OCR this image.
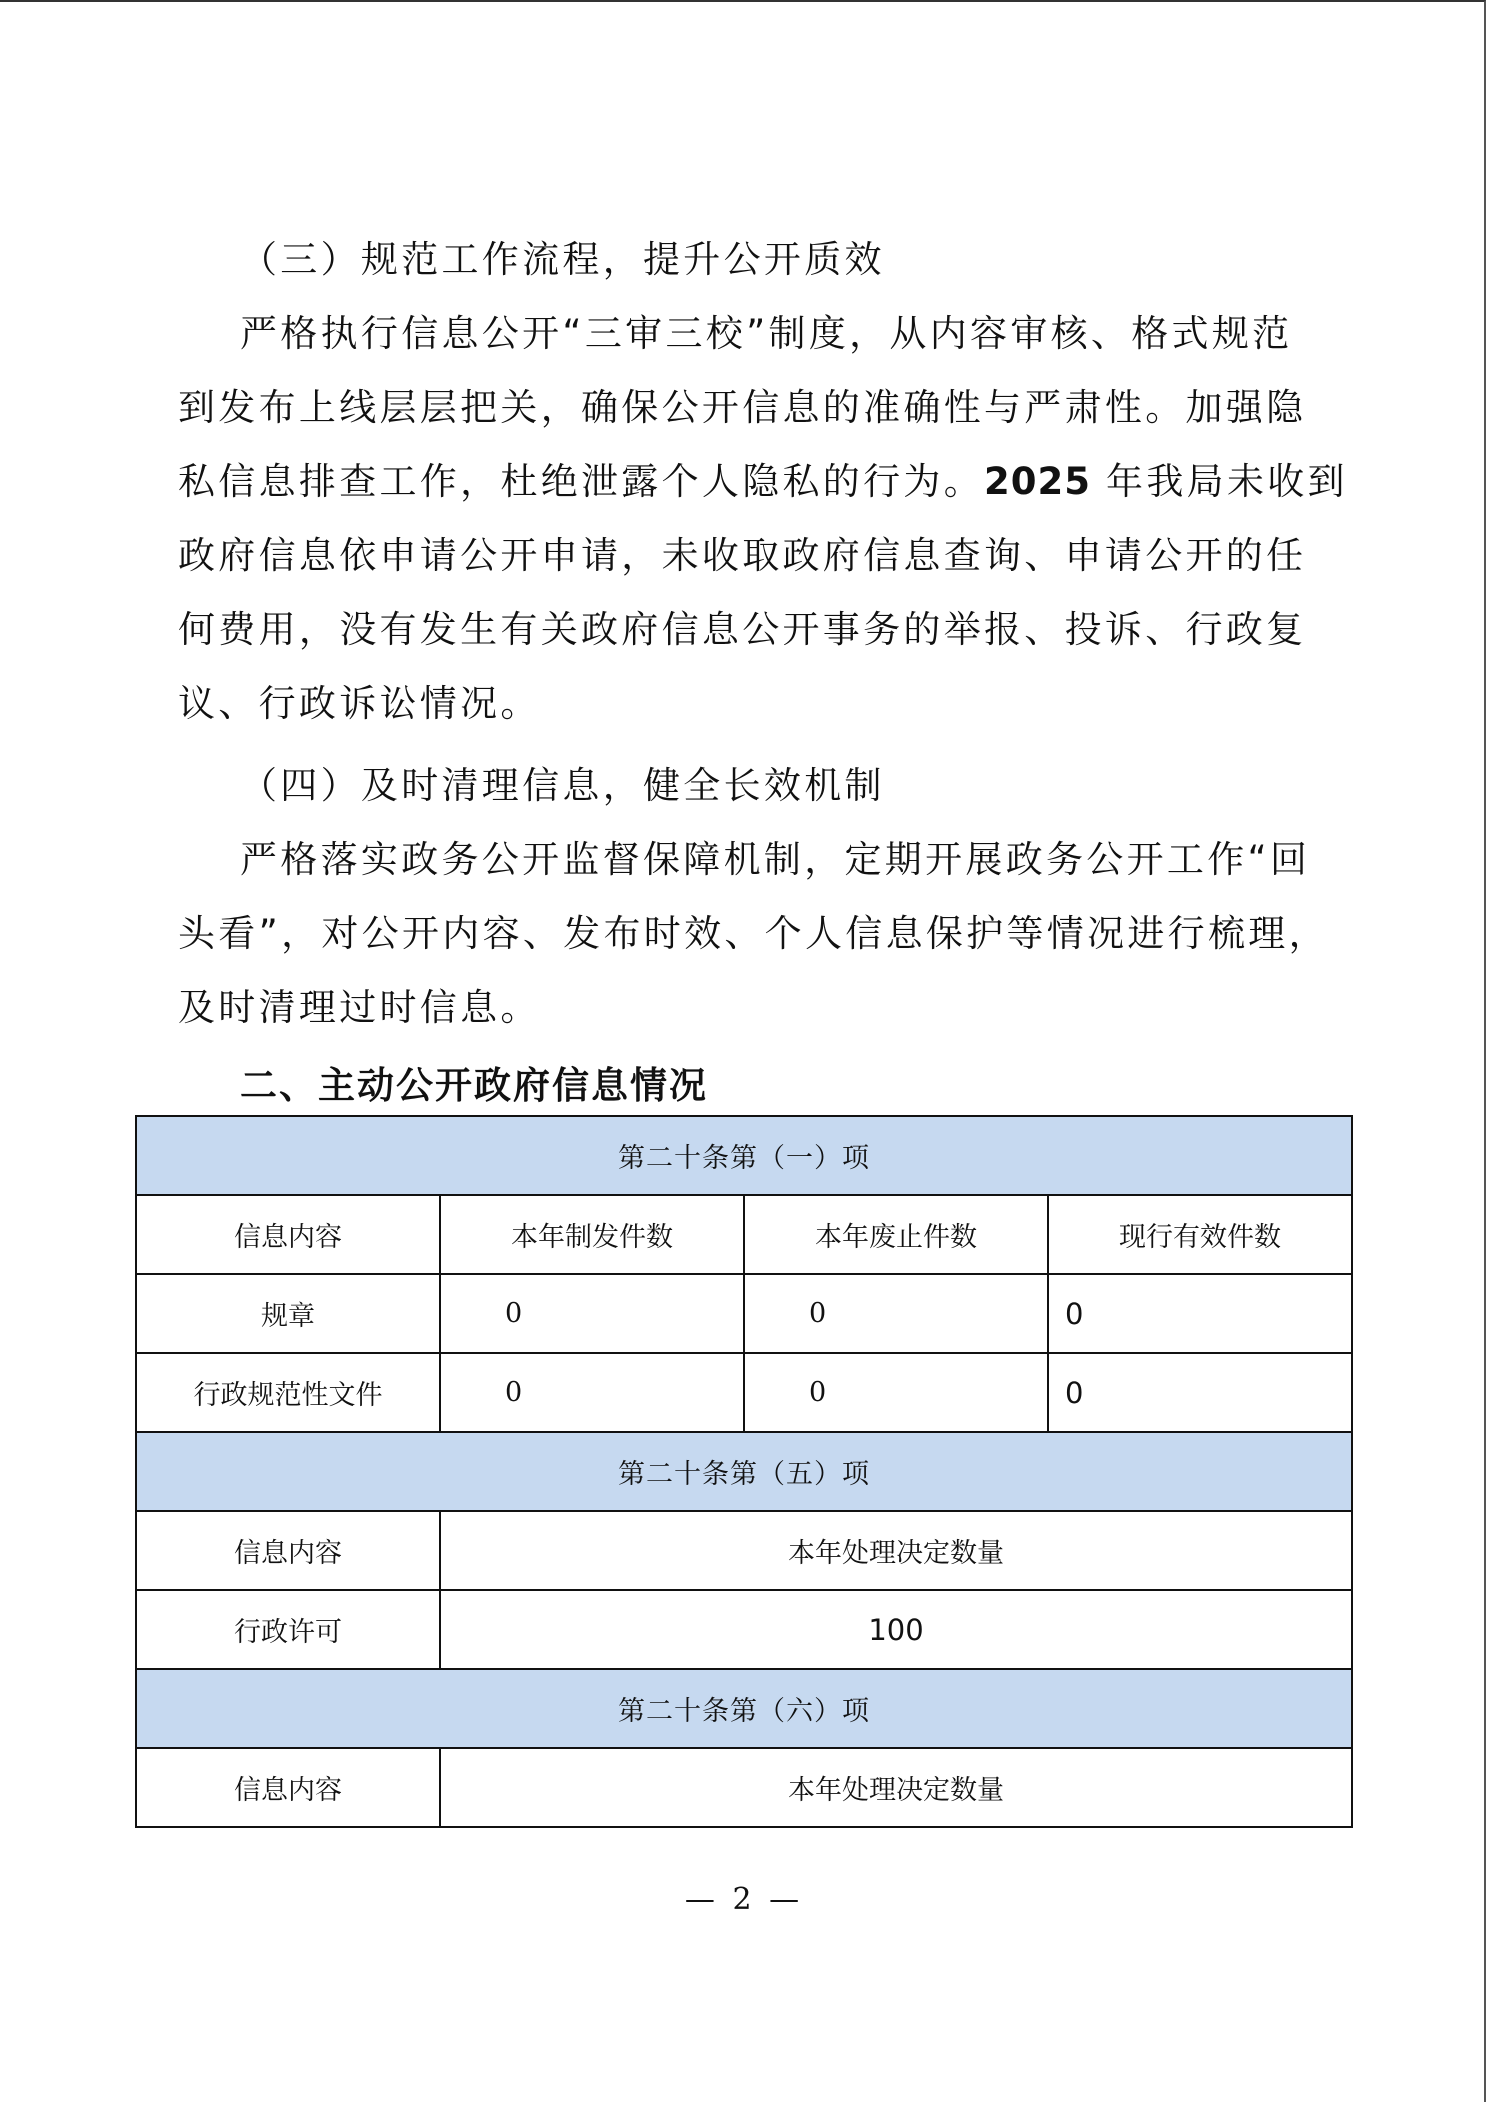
（三）规范工作流程，提升公开质效
严格执行信息公开“三审三校”制度，从内容审核、格式规范
到发布上线层层把关，确保公开信息的准确性与严肃性。加强隐
私信息排查工作，杜绝泄露个人隐私的行为。2025 年我局未收到
政府信息依申请公开申请，未收取政府信息查询、申请公开的任
何费用，没有发生有关政府信息公开事务的举报、投诉、行政复
议、行政诉讼情况。
（四）及时清理信息，健全长效机制
严格落实政务公开监督保障机制，定期开展政务公开工作“回
头看”，对公开内容、发布时效、个人信息保护等情况进行梳理，
及时清理过时信息。
二、主动公开政府信息情况
第二十条第（一）项			
信息内容	本年制发件数	本年废止件数	现行有效件数
规章	0	0	0
行政规范性文件	0	0	0
第二十条第（五）项			
信息内容	本年处理决定数量		
行政许可	100		
第二十条第（六）项			
信息内容	本年处理决定数量		
— 2 —
